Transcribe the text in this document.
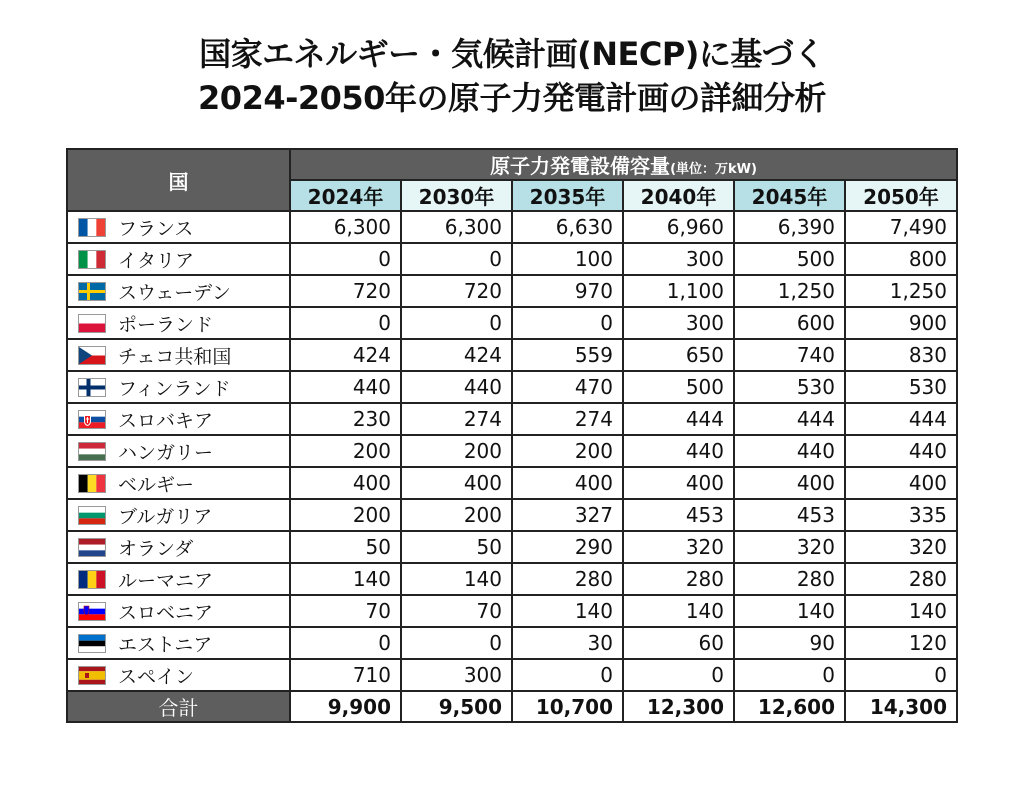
国家エネルギー・気候計画(NECP)に基づく
2024-2050年の原子力発電計画の詳細分析
国	原子力発電設備容量(単位：万kW)					
	2024年	2030年	2035年	2040年	2045年	2050年

フランス	6,300	6,300	6,630	6,960	6,390	7,490

イタリア	0	0	100	300	500	800

スウェーデン	720	720	970	1,100	1,250	1,250

ポーランド	0	0	0	300	600	900

チェコ共和国	424	424	559	650	740	830

フィンランド	440	440	470	500	530	530

スロバキア	230	274	274	444	444	444

ハンガリー	200	200	200	440	440	440

ベルギー	400	400	400	400	400	400

ブルガリア	200	200	327	453	453	335

オランダ	50	50	290	320	320	320

ルーマニア	140	140	280	280	280	280

スロベニア	70	70	140	140	140	140

エストニア	0	0	30	60	90	120

スペイン	710	300	0	0	0	0
合計	9,900	9,500	10,700	12,300	12,600	14,300
